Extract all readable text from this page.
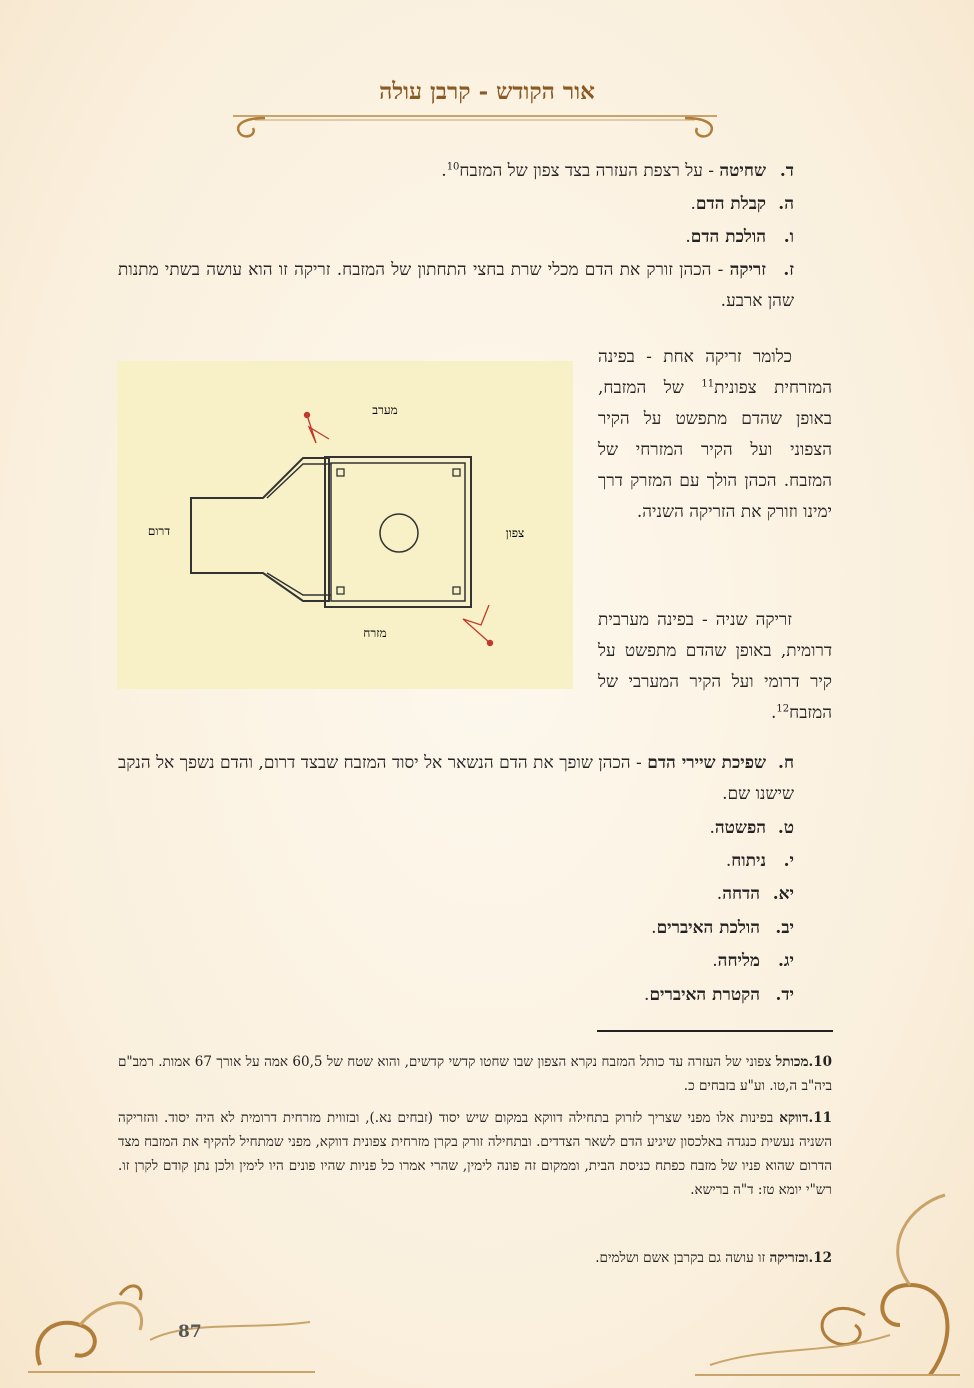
אור הקודש - קרבן עולה
ד.שחיטה - על רצפת העזרה בצד צפון של המזבח$^{10}$.
ה.קבלת הדם.
ו.הולכת הדם.
ז.זריקה - הכהן זורק את הדם מכלי שרת בחצי התחתון של המזבח. זריקה זו הוא עושה בשתי מתנות שהן ארבע.
מערב
מזרח
דרום	צפון

כלומר זריקה אחת - בפינה המזרחית צפונית$^{11}$ של המזבח, באופן שהדם מתפשט על הקיר הצפוני ועל הקיר המזרחי של המזבח. הכהן הולך עם המזרק דרך ימינו וזורק את הזריקה השניה.

זריקה שניה - בפינה מערבית דרומית, באופן שהדם מתפשט על קיר דרומי ועל הקיר המערבי של המזבח$^{12}$.

ח.שפיכת שיירי הדם - הכהן שופך את הדם הנשאר אל יסוד המזבח שבצד דרום, והדם נשפך אל הנקב שישנו שם.
ט.הפשטה.
י.ניתוח.
יא.הדחה.
יב.הולכת האיברים.
יג.מליחה.
יד.הקטרת האיברים.
10.מכותל צפוני של העזרה עד כותל המזבח נקרא הצפון שבו שחטו קדשי קדשים, והוא שטח של 60,5 אמה על אורך 67 אמות. רמב"ם ביה"ב ה,טו. וע"ע בזבחים כ.
11.דווקא בפינות אלו מפני שצריך לזרוק בתחילה דווקא במקום שיש יסוד (זבחים נא.), ובזווית מזרחית דרומית לא היה יסוד. והזריקה השניה נעשית כנגדה באלכסון שיגיע הדם לשאר הצדדים. ובתחילה זורק בקרן מזרחית צפונית דווקא, מפני שמתחיל להקיף את המזבח מצד הדרום שהוא פניו של מזבח כפתח כניסת הבית, וממקום זה פונה לימין, שהרי אמרו כל פניות שהיו פונים היו לימין ולכן נתן קודם לקרן זו. רש"י יומא טז: ד"ה ברישא.
12.וכזריקה זו עושה גם בקרבן אשם ושלמים.
87
